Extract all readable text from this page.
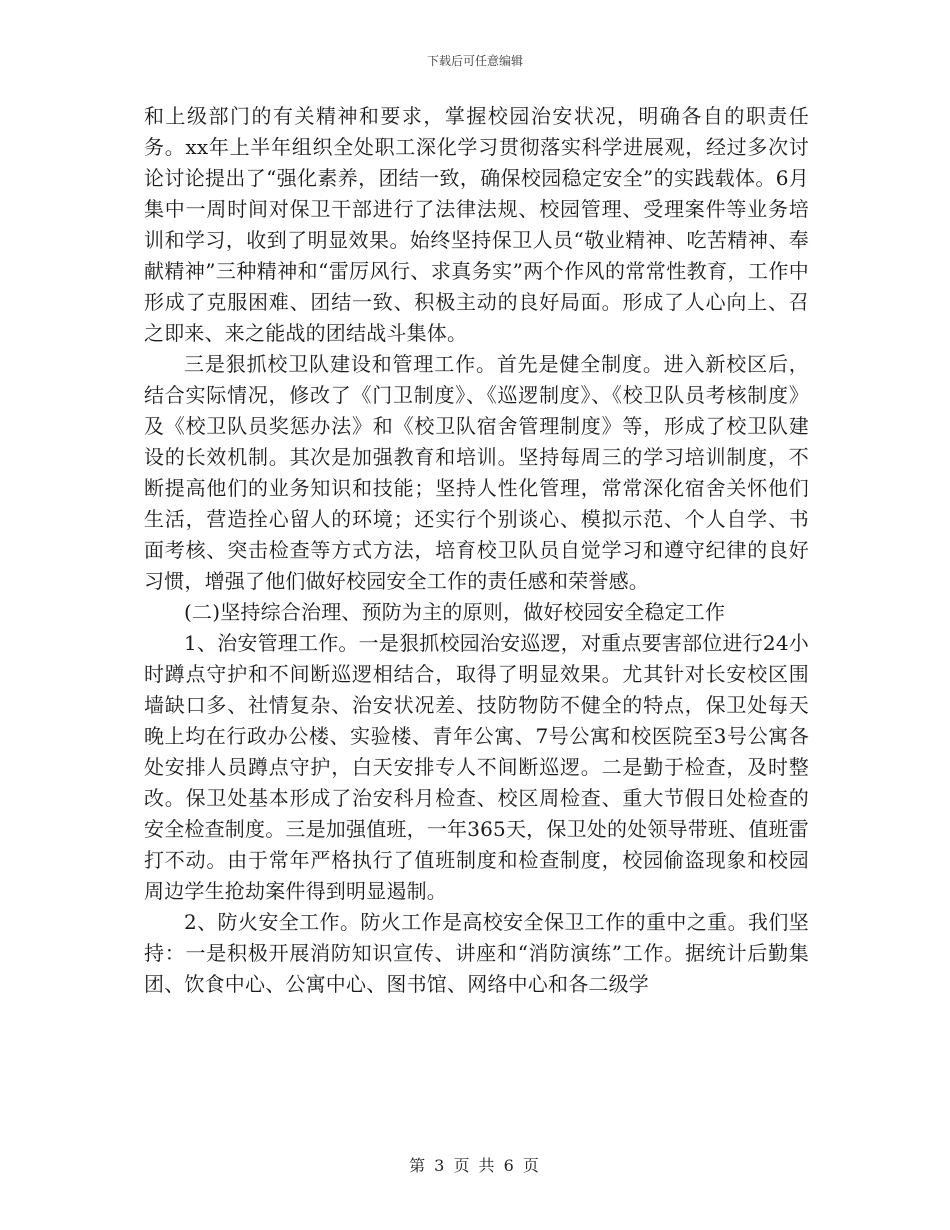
下载后可任意编辑

和上级部门的有关精神和要求，掌握校园治安状况，明确各自的职责任务。xx年上半年组织全处职工深化学习贯彻落实科学进展观，经过多次讨论讨论提出了“强化素养，团结一致，确保校园稳定安全”的实践载体。6月集中一周时间对保卫干部进行了法律法规、校园管理、受理案件等业务培训和学习，收到了明显效果。始终坚持保卫人员“敬业精神、吃苦精神、奉献精神”三种精神和“雷厉风行、求真务实”两个作风的常常性教育，工作中形成了克服困难、团结一致、积极主动的良好局面。形成了人心向上、召之即来、来之能战的团结战斗集体。

三是狠抓校卫队建设和管理工作。首先是健全制度。进入新校区后，结合实际情况，修改了《门卫制度》、《巡逻制度》、《校卫队员考核制度》及《校卫队员奖惩办法》和《校卫队宿舍管理制度》等，形成了校卫队建设的长效机制。其次是加强教育和培训。坚持每周三的学习培训制度，不断提高他们的业务知识和技能；坚持人性化管理，常常深化宿舍关怀他们生活，营造拴心留人的环境；还实行个别谈心、模拟示范、个人自学、书面考核、突击检查等方式方法，培育校卫队员自觉学习和遵守纪律的良好习惯，增强了他们做好校园安全工作的责任感和荣誉感。

(二)坚持综合治理、预防为主的原则，做好校园安全稳定工作

1、治安管理工作。一是狠抓校园治安巡逻，对重点要害部位进行24小时蹲点守护和不间断巡逻相结合，取得了明显效果。尤其针对长安校区围墙缺口多、社情复杂、治安状况差、技防物防不健全的特点，保卫处每天晚上均在行政办公楼、实验楼、青年公寓、7号公寓和校医院至3号公寓各处安排人员蹲点守护，白天安排专人不间断巡逻。二是勤于检查，及时整改。保卫处基本形成了治安科月检查、校区周检查、重大节假日处检查的安全检查制度。三是加强值班，一年365天，保卫处的处领导带班、值班雷打不动。由于常年严格执行了值班制度和检查制度，校园偷盗现象和校园周边学生抢劫案件得到明显遏制。

2、防火安全工作。防火工作是高校安全保卫工作的重中之重。我们坚持：一是积极开展消防知识宣传、讲座和“消防演练”工作。据统计后勤集团、饮食中心、公寓中心、图书馆、网络中心和各二级学

第 3 页 共 6 页
